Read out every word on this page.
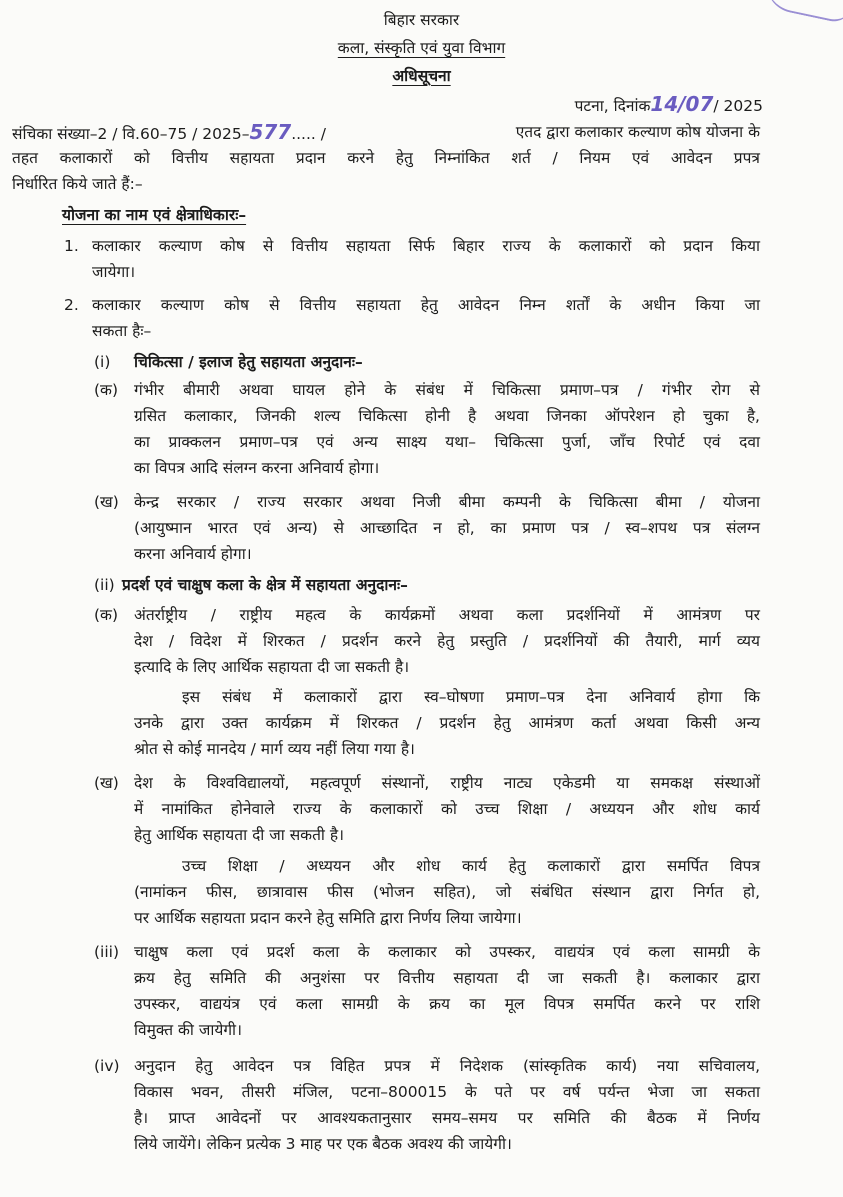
बिहार सरकार
कला, संस्कृति एवं युवा विभाग
अधिसूचना
पटना, दिनांक14/07/ 2025
संचिका संख्या–2 / वि.60–75 / 2025–577..... /	एतद द्वारा कलाकार कल्याण कोष योजना के
तहत कलाकारों को वित्तीय सहायता प्रदान करने हेतु निम्नांकित शर्त / नियम एवं आवेदन प्रपत्र
निर्धारित किये जाते हैं:–
योजना का नाम एवं क्षेत्राधिकारः–
1. कलाकार कल्याण कोष से वित्तीय सहायता सिर्फ बिहार राज्य के कलाकारों को प्रदान किया
जायेगा।
2. कलाकार कल्याण कोष से वित्तीय सहायता हेतु आवेदन निम्न शर्तों के अधीन किया जा
सकता हैः–
(i) चिकित्सा / इलाज हेतु सहायता अनुदानः–
(क) गंभीर बीमारी अथवा घायल होने के संबंध में चिकित्सा प्रमाण–पत्र / गंभीर रोग से
ग्रसित कलाकार, जिनकी शल्य चिकित्सा होनी है अथवा जिनका ऑपरेशन हो चुका है,
का प्राक्कलन प्रमाण–पत्र एवं अन्य साक्ष्य यथा– चिकित्सा पुर्जा, जाँच रिपोर्ट एवं दवा
का विपत्र आदि संलग्न करना अनिवार्य होगा।
(ख) केन्द्र सरकार / राज्य सरकार अथवा निजी बीमा कम्पनी के चिकित्सा बीमा / योजना
(आयुष्मान भारत एवं अन्य) से आच्छादित न हो, का प्रमाण पत्र / स्व–शपथ पत्र संलग्न
करना अनिवार्य होगा।
(ii) प्रदर्श एवं चाक्षुष कला के क्षेत्र में सहायता अनुदानः–
(क) अंतर्राष्ट्रीय / राष्ट्रीय महत्व के कार्यक्रमों अथवा कला प्रदर्शनियों में आमंत्रण पर
देश / विदेश में शिरकत / प्रदर्शन करने हेतु प्रस्तुति / प्रदर्शनियों की तैयारी, मार्ग व्यय
इत्यादि के लिए आर्थिक सहायता दी जा सकती है।
इस संबंध में कलाकारों द्वारा स्व–घोषणा प्रमाण–पत्र देना अनिवार्य होगा कि
उनके द्वारा उक्त कार्यक्रम में शिरकत / प्रदर्शन हेतु आमंत्रण कर्ता अथवा किसी अन्य
श्रोत से कोई मानदेय / मार्ग व्यय नहीं लिया गया है।
(ख) देश के विश्वविद्यालयों, महत्वपूर्ण संस्थानों, राष्ट्रीय नाट्य एकेडमी या समकक्ष संस्थाओं
में नामांकित होनेवाले राज्य के कलाकारों को उच्च शिक्षा / अध्ययन और शोध कार्य
हेतु आर्थिक सहायता दी जा सकती है।
उच्च शिक्षा / अध्ययन और शोध कार्य हेतु कलाकारों द्वारा समर्पित विपत्र
(नामांकन फीस, छात्रावास फीस (भोजन सहित), जो संबंधित संस्थान द्वारा निर्गत हो,
पर आर्थिक सहायता प्रदान करने हेतु समिति द्वारा निर्णय लिया जायेगा।
(iii) चाक्षुष कला एवं प्रदर्श कला के कलाकार को उपस्कर, वाद्ययंत्र एवं कला सामग्री के
क्रय हेतु समिति की अनुशंसा पर वित्तीय सहायता दी जा सकती है। कलाकार द्वारा
उपस्कर, वाद्ययंत्र एवं कला सामग्री के क्रय का मूल विपत्र समर्पित करने पर राशि
विमुक्त की जायेगी।
(iv) अनुदान हेतु आवेदन पत्र विहित प्रपत्र में निदेशक (सांस्कृतिक कार्य) नया सचिवालय,
विकास भवन, तीसरी मंजिल, पटना–800015 के पते पर वर्ष पर्यन्त भेजा जा सकता
है। प्राप्त आवेदनों पर आवश्यकतानुसार समय–समय पर समिति की बैठक में निर्णय
लिये जायेंगे। लेकिन प्रत्येक 3 माह पर एक बैठक अवश्य की जायेगी।
